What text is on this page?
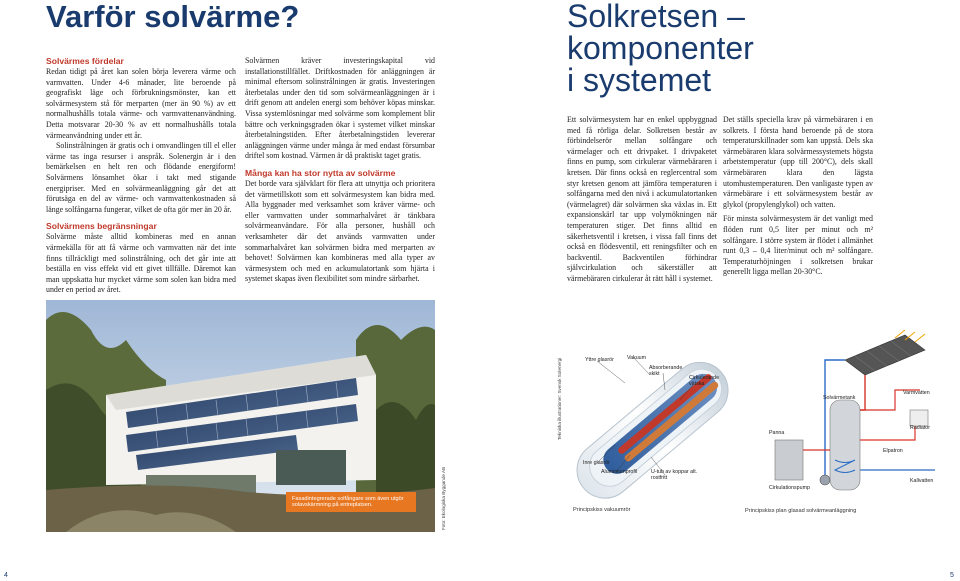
Varför solvärme?
Solvärmes fördelar

Redan tidigt på året kan solen börja leverera värme och varmvatten. Under 4-6 månader, lite beroende på geografiskt läge och förbrukningsmönster, kan ett solvärmesystem stå för merparten (mer än 90 %) av ett normalhushålls totala värme- och varmvattenanvändning. Detta motsvarar 20-30 % av ett normalhushålls totala värmeanvändning under ett år.

Solinstrålningen är gratis och i omvandlingen till el eller värme tas inga resurser i anspråk. Solenergin är i den bemärkelsen en helt ren och flödande energiform! Solvärmens lönsamhet ökar i takt med stigande energipriser. Med en solvärmeanläggning går det att förutsäga en del av värme- och varmvattenkostnaden så länge solfångarna fungerar, vilket de ofta gör mer än 20 år.

Solvärmens begränsningar

Solvärme måste alltid kombineras med en annan värmekälla för att få värme och varmvatten när det inte finns tillräckligt med solinstrålning, och det går inte att beställa en viss effekt vid ett givet tillfälle. Däremot kan man uppskatta hur mycket värme som solen kan bidra med under en period av året.

Solvärmen kräver investeringskapital vid installationstillfället. Driftkostnaden för anläggningen är minimal eftersom solinstrålningen är gratis. Investeringen återbetalas under den tid som solvärmeanläggningen är i drift genom att andelen energi som behöver köpas minskar. Vissa systemlösningar med solvärme som komplement blir bättre och verkningsgraden ökar i systemet vilket minskar återbetalningstiden. Efter återbetalningstiden levererar anläggningen värme under många år med endast försumbar driftel som kostnad. Värmen är då praktiskt taget gratis.

Många kan ha stor nytta av solvärme

Det borde vara självklart för flera att utnyttja och prioritera det värmetillskott som ett solvärmesystem kan bidra med. Alla byggnader med verksamhet som kräver värme- och eller varmvatten under sommarhalvåret är tänkbara solvärmeanvändare. För alla personer, hushåll och verksamheter där det används varmvatten under sommarhalvåret kan solvärmen bidra med merparten av behovet! Solvärmen kan kombineras med alla typer av värmesystem och med en ackumulatortank som hjärta i systemet skapas även flexibilitet som mindre särbarhet.

Fasadintegrerade solfångare som även utgör solavskärmning på entreplatsen.	Foto: Ekologiska Byggande AB
4
Solkretsen –
komponenter
i systemet

Ett solvärmesystem har en enkel uppbyggnad med få rörliga delar. Solkretsen består av förbindelserör mellan solfångare och värmelager och ett drivpaket. I drivpaketet finns en pump, som cirkulerar värmebäraren i kretsen. Där finns också en reglercentral som styr kretsen genom att jämföra temperaturen i solfångarna med den nivå i ackumulatortanken (värmelagret) där solvärmen ska växlas in. Ett expansionskärl tar upp volymökningen när temperaturen stiger. Det finns alltid en säkerhetsventil i kretsen, i vissa fall finns det också en flödesventil, ett reningsfilter och en backventil. Backventilen förhindrar självcirkulation och säkerställer att värmebäraren cirkulerar åt rätt håll i systemet.

Det ställs speciella krav på värmebäraren i en solkrets. I första hand beroende på de stora temperaturskillnader som kan uppstå. Dels ska värmebäraren klara solvärmessystemets högsta arbetstemperatur (upp till 200°C), dels skall värmebäraren klara den lägsta utomhustemperaturen. Den vanligaste typen av värmebärare i ett solvärmesystem består av glykol (propylenglykol) och vatten.

För minsta solvärmesystem är det vanligt med flöden runt 0,5 liter per minut och m² solfångare. I större system är flödet i allmänhet runt 0,3 – 0,4 liter/minut och m² solfångare. Temperaturhöjningen i solkretsen brukar generellt ligga mellan 20-30°C.

Yttre glasrör Vakuum
Absorberande skikt
Cirkulerande vätska
Inre glasrör
Aluminiumprofil	U-tub av koppar alt. rostfritt
Principskiss vakuumrör
Tekniska illustrationer: Svensk Solenergi	Solvärmetank
Varmvatten
Radiator
Panna
Elpatron
Cirkulationspump
Kallvatten
Principskiss plan glasad solvärmeanläggning
5
